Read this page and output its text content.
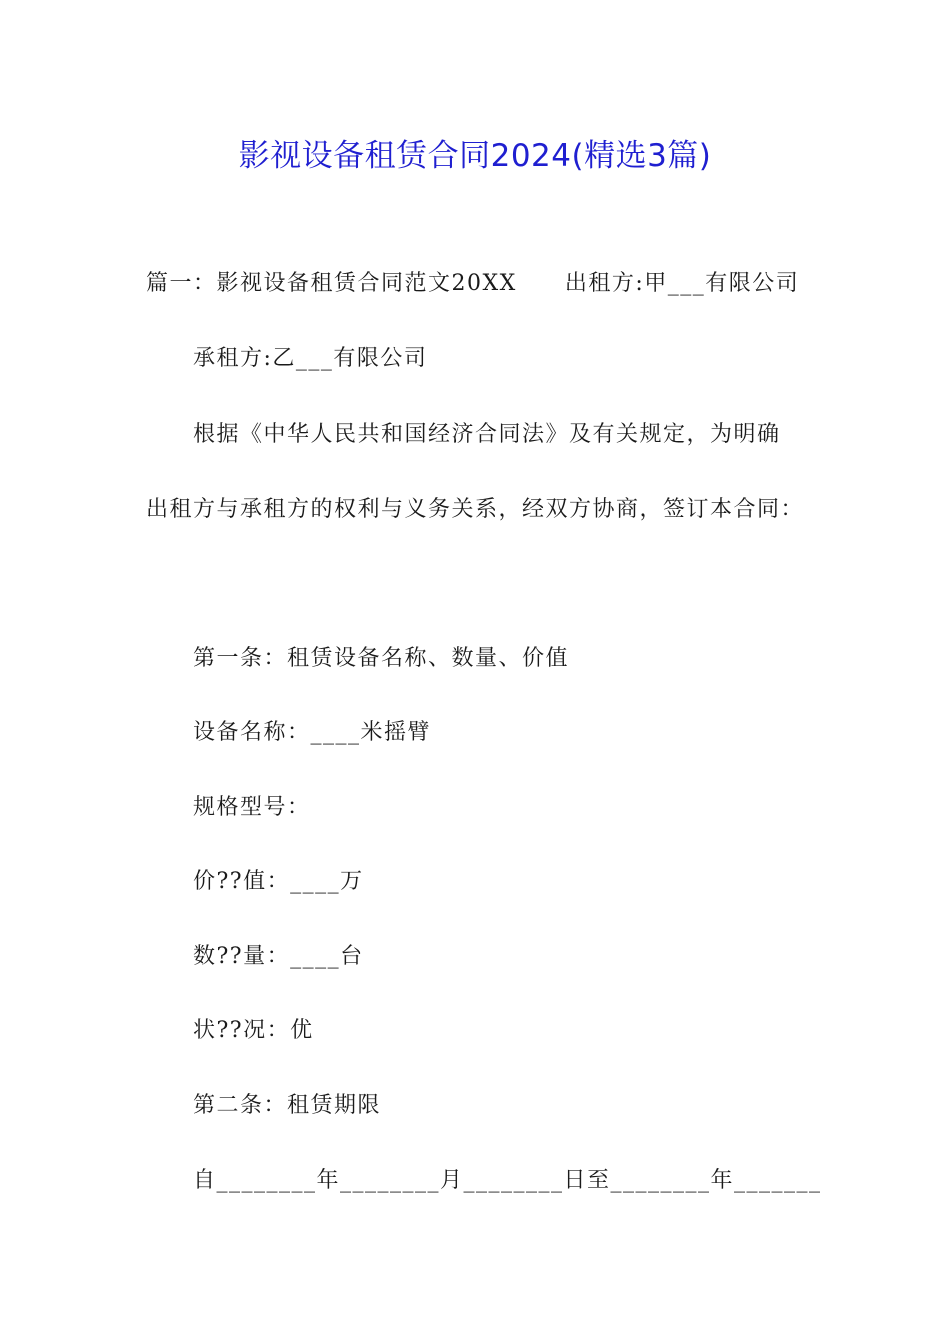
影视设备租赁合同2024(精选3篇)
篇一：影视设备租赁合同范文20XX 出租方:甲___有限公司
承租方:乙___有限公司
根据《中华人民共和国经济合同法》及有关规定，为明确
出租方与承租方的权利与义务关系，经双方协商，签订本合同：
第一条：租赁设备名称、数量、价值
设备名称：____米摇臂
规格型号：
价??值：____万
数??量：____台
状??况：优
第二条：租赁期限
自________年________月________日至________年_______
